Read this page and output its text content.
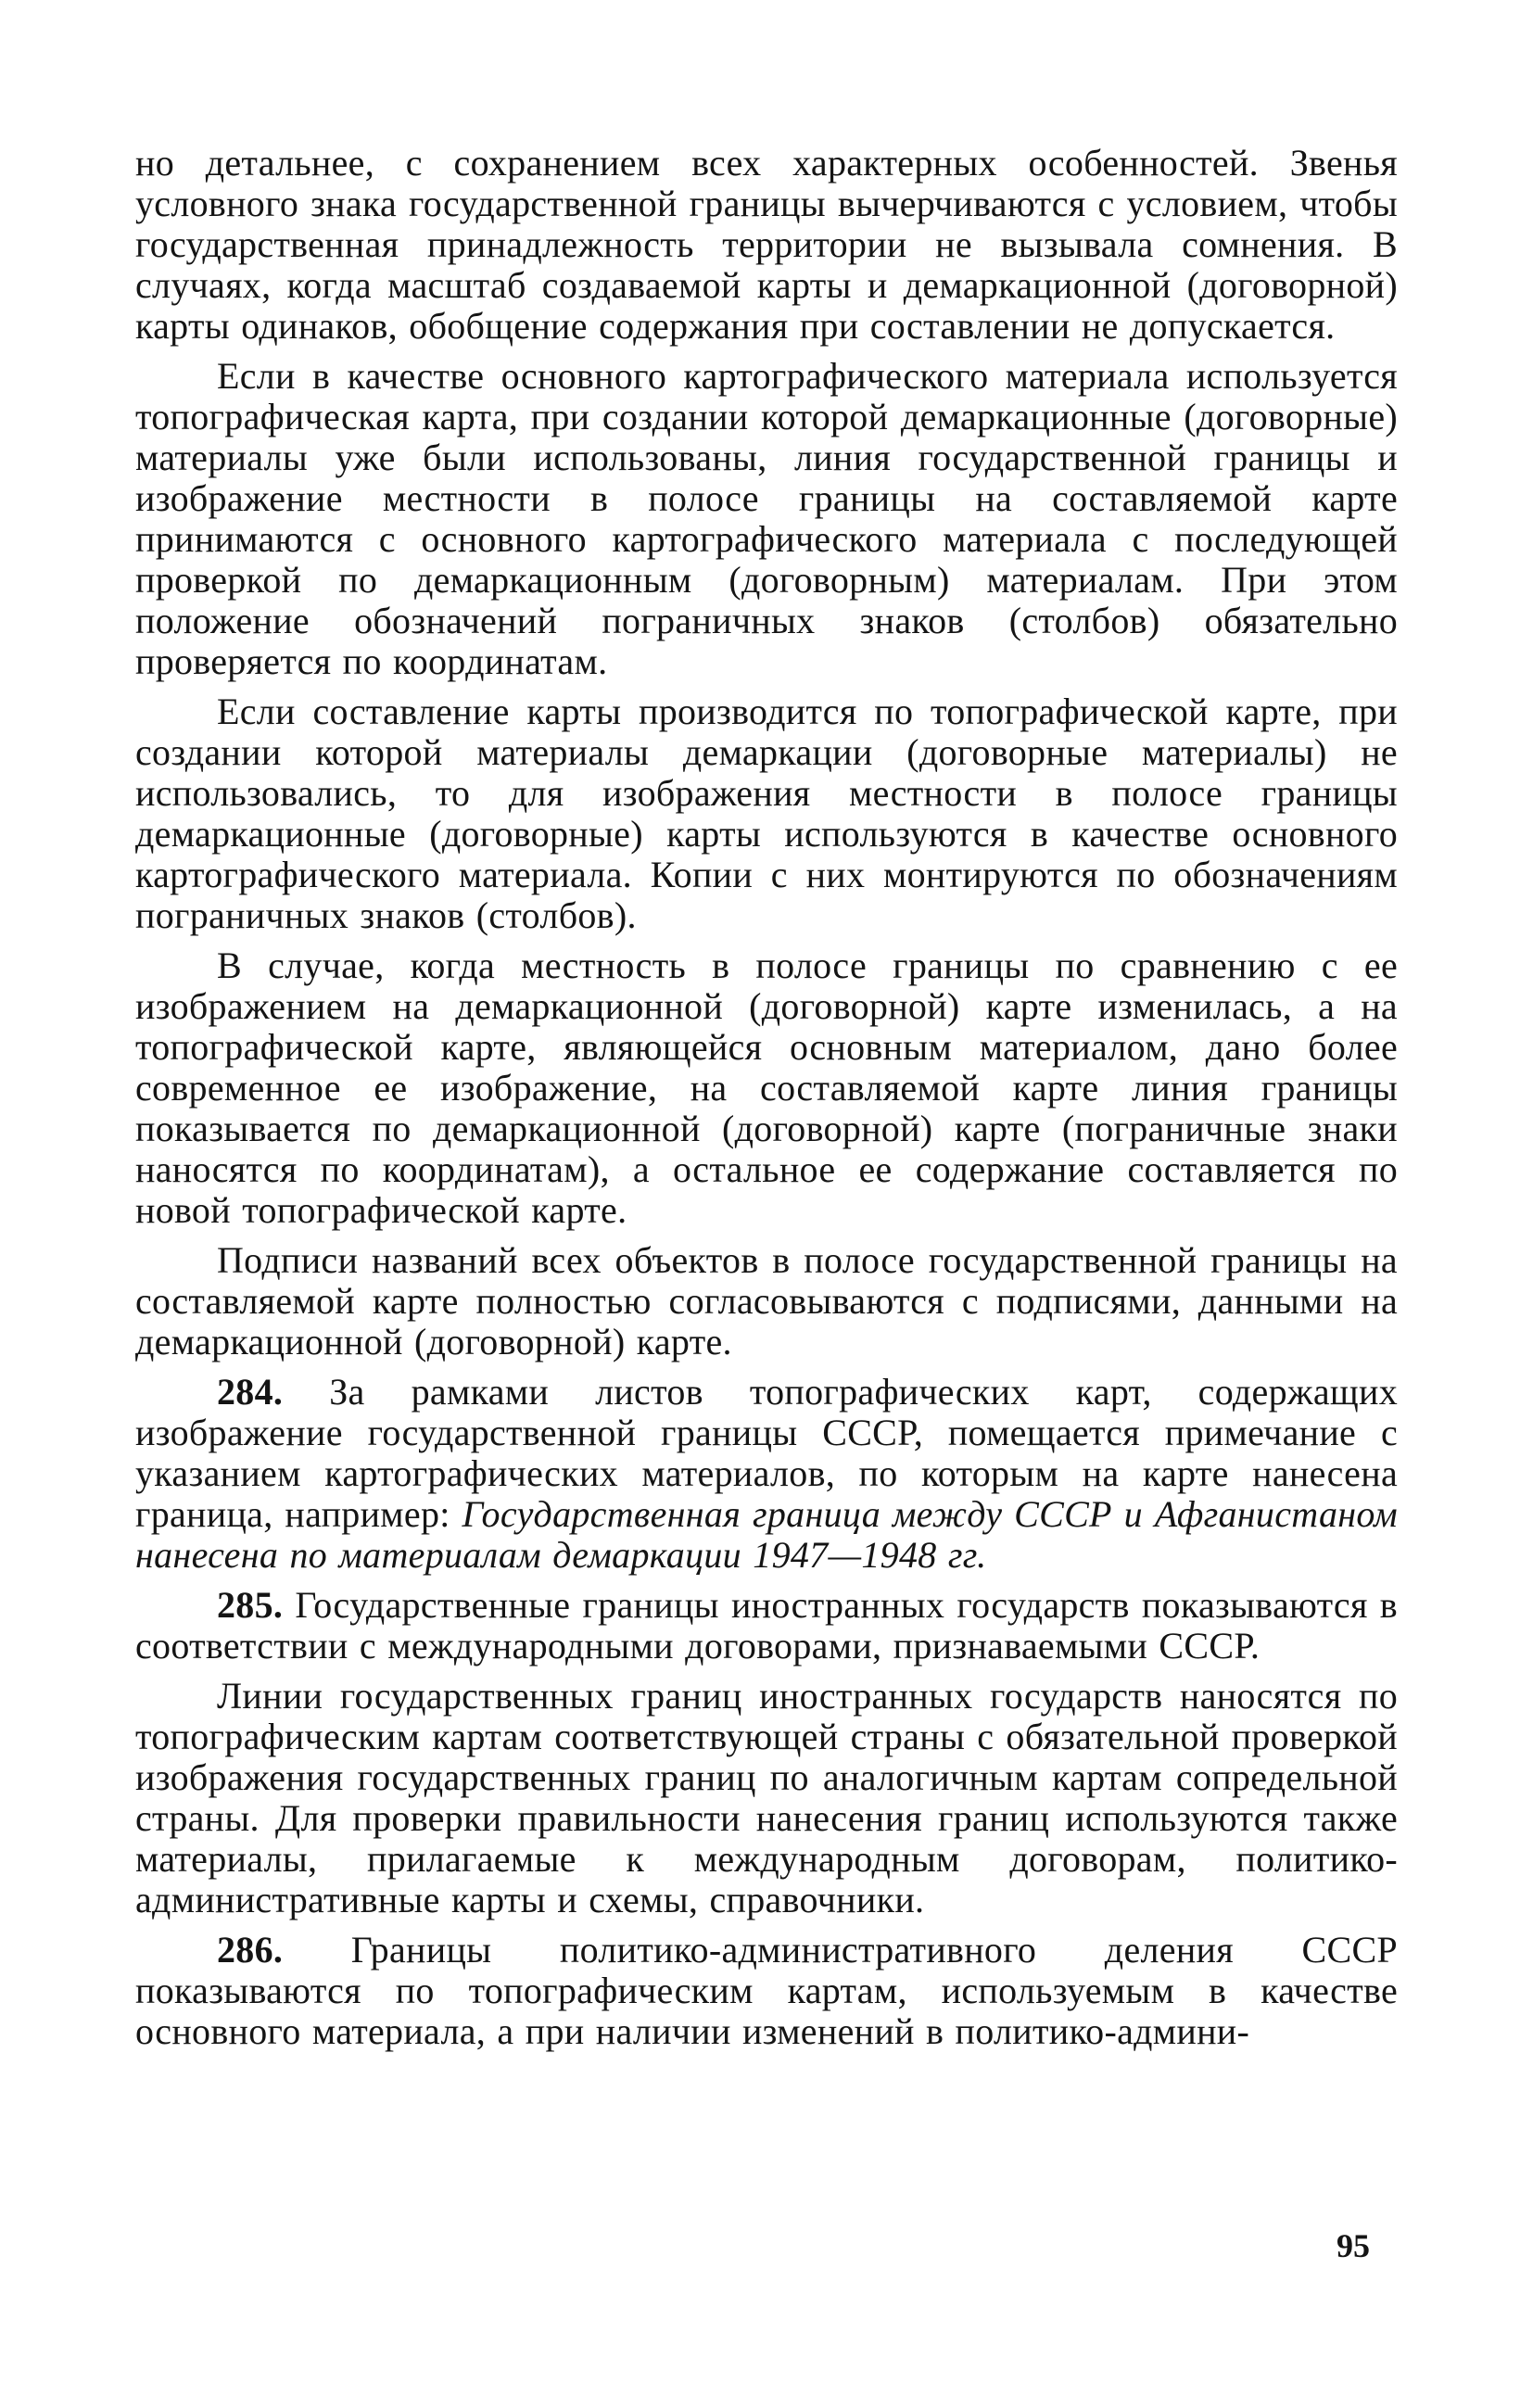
но детальнее, с сохранением всех характерных особенностей. Звенья условного знака государственной границы вычерчиваются с условием, чтобы государственная принадлежность территории не вызывала сомнения. В случаях, когда масштаб создаваемой карты и демаркационной (договорной) карты одинаков, обобщение содержания при составлении не допускается.

Если в качестве основного картографического материала используется топографическая карта, при создании которой демаркационные (договорные) материалы уже были использованы, линия государственной границы и изображение местности в полосе границы на составляемой карте принимаются с основного картографического материала с последующей проверкой по демаркационным (договорным) материалам. При этом положение обозначений пограничных знаков (столбов) обязательно проверяется по координатам.

Если составление карты производится по топографической карте, при создании которой материалы демаркации (договорные материалы) не использовались, то для изображения местности в полосе границы демаркационные (договорные) карты используются в качестве основного картографического материала. Копии с них монтируются по обозначениям пограничных знаков (столбов).

В случае, когда местность в полосе границы по сравнению с ее изображением на демаркационной (договорной) карте изменилась, а на топографической карте, являющейся основным материалом, дано более современное ее изображение, на составляемой карте линия границы показывается по демаркационной (договорной) карте (пограничные знаки наносятся по координатам), а остальное ее содержание составляется по новой топографической карте.

Подписи названий всех объектов в полосе государственной границы на составляемой карте полностью согласовываются с подписями, данными на демаркационной (договорной) карте.

284. За рамками листов топографических карт, содержащих изображение государственной границы СССР, помещается примечание с указанием картографических материалов, по которым на карте нанесена граница, например: Государственная граница между СССР и Афганистаном нанесена по материалам демаркации 1947—1948 гг.

285. Государственные границы иностранных государств показываются в соответствии с международными договорами, признаваемыми СССР.

Линии государственных границ иностранных государств наносятся по топографическим картам соответствующей страны с обязательной проверкой изображения государственных границ по аналогичным картам сопредельной страны. Для проверки правильности нанесения границ используются также материалы, прилагаемые к международным договорам, политико-административные карты и схемы, справочники.

286. Границы политико-административного деления СССР показываются по топографическим картам, используемым в качестве основного материала, а при наличии изменений в политико-админи-

95
